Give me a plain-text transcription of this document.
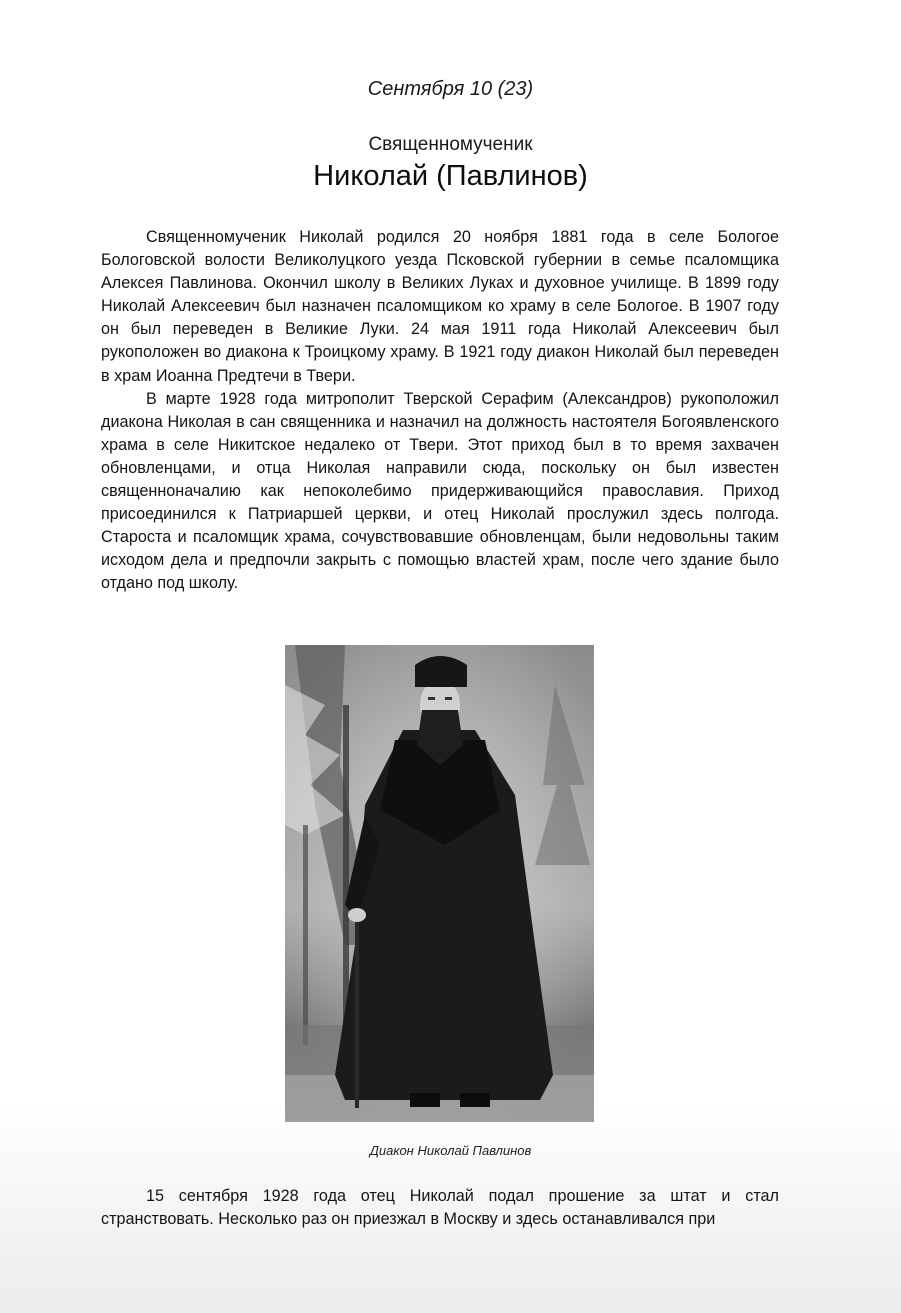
Сентября 10 (23)
Священномученик
Николай (Павлинов)

Священномученик Николай родился 20 ноября 1881 года в селе Бологое Бологовской волости Великолуцкого уезда Псковской губернии в семье псаломщика Алексея Павлинова. Окончил школу в Великих Луках и духовное училище. В 1899 году Николай Алексеевич был назначен псаломщиком ко храму в селе Бологое. В 1907 году он был переведен в Великие Луки. 24 мая 1911 года Николай Алексеевич был рукоположен во диакона к Троицкому храму. В 1921 году диакон Николай был переведен в храм Иоанна Предтечи в Твери.

В марте 1928 года митрополит Тверской Серафим (Александров) рукоположил диакона Николая в сан священника и назначил на должность настоятеля Богоявленского храма в селе Никитское недалеко от Твери. Этот приход был в то время захвачен обновленцами, и отца Николая направили сюда, поскольку он был известен священноначалию как непоколебимо придерживающийся православия. Приход присоединился к Патриаршей церкви, и отец Николай прослужил здесь полгода. Староста и псаломщик храма, сочувствовавшие обновленцам, были недовольны таким исходом дела и предпочли закрыть с помощью властей храм, после чего здание было отдано под школу.

Диакон Николай Павлинов

15 сентября 1928 года отец Николай подал прошение за штат и стал странствовать. Несколько раз он приезжал в Москву и здесь останавливался при
